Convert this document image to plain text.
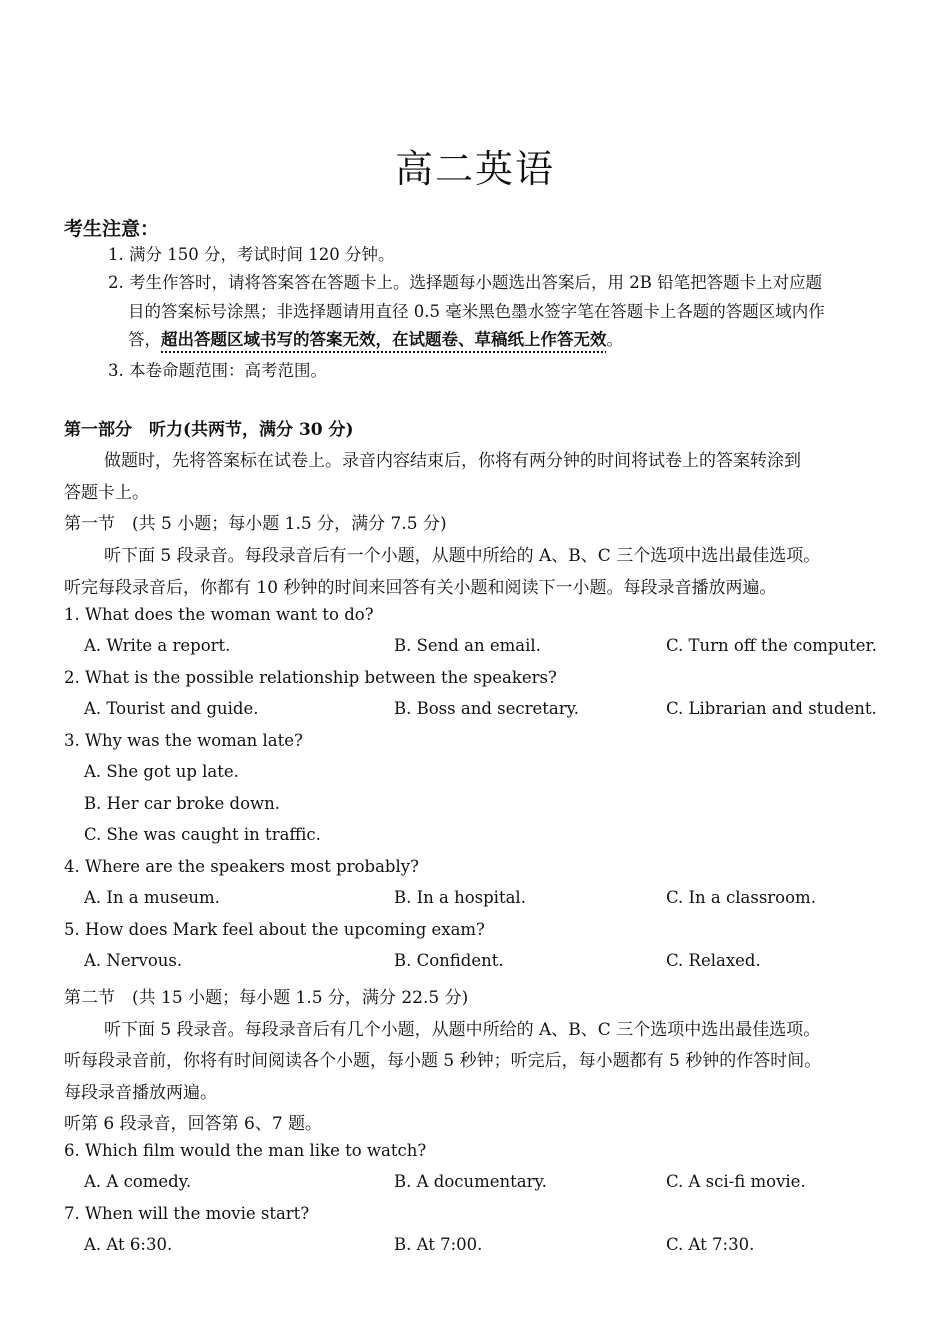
高二英语
考生注意：
1. 满分 150 分，考试时间 120 分钟。
2. 考生作答时，请将答案答在答题卡上。选择题每小题选出答案后，用 2B 铅笔把答题卡上对应题
目的答案标号涂黑；非选择题请用直径 0.5 毫米黑色墨水签字笔在答题卡上各题的答题区域内作
答，超出答题区域书写的答案无效，在试题卷、草稿纸上作答无效。
3. 本卷命题范围：高考范围。
第一部分　听力(共两节，满分 30 分)
做题时，先将答案标在试卷上。录音内容结束后，你将有两分钟的时间将试卷上的答案转涂到
答题卡上。
第一节　(共 5 小题；每小题 1.5 分，满分 7.5 分)
听下面 5 段录音。每段录音后有一个小题，从题中所给的 A、B、C 三个选项中选出最佳选项。
听完每段录音后，你都有 10 秒钟的时间来回答有关小题和阅读下一小题。每段录音播放两遍。
1. What does the woman want to do?
A. Write a report.	B. Send an email.	C. Turn off the computer.
2. What is the possible relationship between the speakers?
A. Tourist and guide.	B. Boss and secretary.	C. Librarian and student.
3. Why was the woman late?
A. She got up late.
B. Her car broke down.
C. She was caught in traffic.
4. Where are the speakers most probably?
A. In a museum.	B. In a hospital.	C. In a classroom.
5. How does Mark feel about the upcoming exam?
A. Nervous.	B. Confident.	C. Relaxed.
第二节　(共 15 小题；每小题 1.5 分，满分 22.5 分)
听下面 5 段录音。每段录音后有几个小题，从题中所给的 A、B、C 三个选项中选出最佳选项。
听每段录音前，你将有时间阅读各个小题，每小题 5 秒钟；听完后，每小题都有 5 秒钟的作答时间。
每段录音播放两遍。
听第 6 段录音，回答第 6、7 题。
6. Which film would the man like to watch?
A. A comedy.	B. A documentary.	C. A sci-fi movie.
7. When will the movie start?
A. At 6:30.	B. At 7:00.	C. At 7:30.
